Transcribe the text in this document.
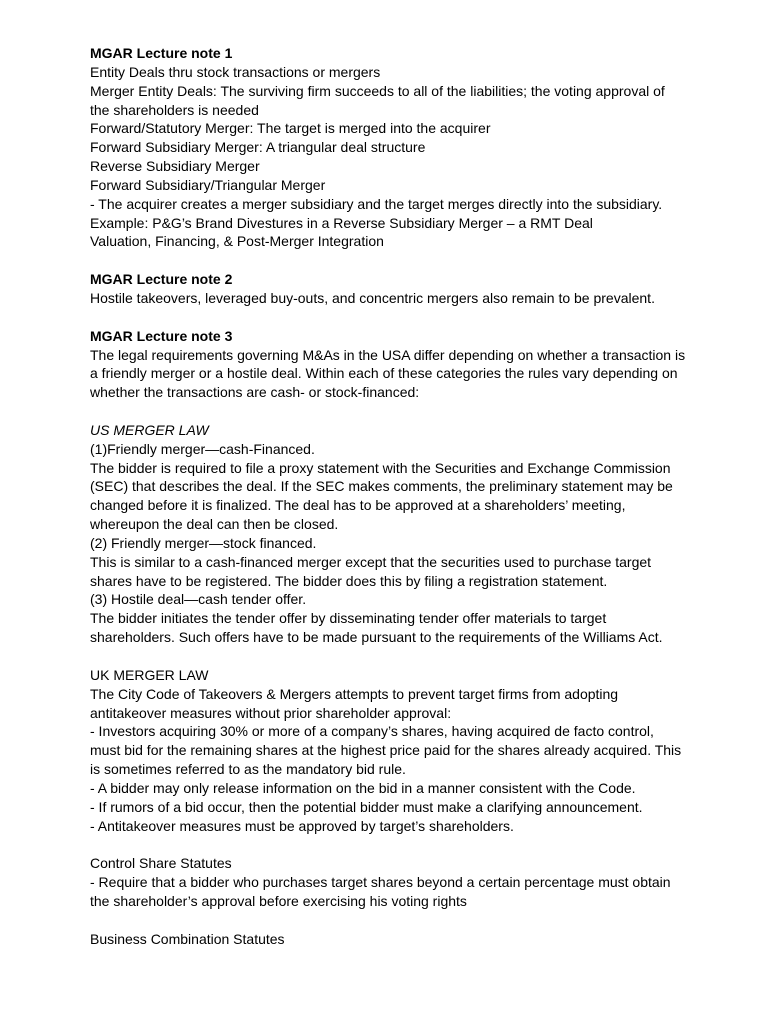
MGAR Lecture note 1
Entity Deals thru stock transactions or mergers
Merger Entity Deals: The surviving firm succeeds to all of the liabilities; the voting approval of
the shareholders is needed
Forward/Statutory Merger: The target is merged into the acquirer
Forward Subsidiary Merger: A triangular deal structure
Reverse Subsidiary Merger
Forward Subsidiary/Triangular Merger
- The acquirer creates a merger subsidiary and the target merges directly into the subsidiary.
Example: P&G’s Brand Divestures in a Reverse Subsidiary Merger – a RMT Deal
Valuation, Financing, & Post-Merger Integration
MGAR Lecture note 2
Hostile takeovers, leveraged buy-outs, and concentric mergers also remain to be prevalent.
MGAR Lecture note 3
The legal requirements governing M&As in the USA differ depending on whether a transaction is
a friendly merger or a hostile deal. Within each of these categories the rules vary depending on
whether the transactions are cash- or stock-financed:
US MERGER LAW
(1)Friendly merger—cash-Financed.
The bidder is required to file a proxy statement with the Securities and Exchange Commission
(SEC) that describes the deal. If the SEC makes comments, the preliminary statement may be
changed before it is finalized. The deal has to be approved at a shareholders’ meeting,
whereupon the deal can then be closed.
(2) Friendly merger—stock financed.
This is similar to a cash-financed merger except that the securities used to purchase target
shares have to be registered. The bidder does this by filing a registration statement.
(3) Hostile deal—cash tender offer.
The bidder initiates the tender offer by disseminating tender offer materials to target
shareholders. Such offers have to be made pursuant to the requirements of the Williams Act.
UK MERGER LAW
The City Code of Takeovers & Mergers attempts to prevent target firms from adopting
antitakeover measures without prior shareholder approval:
- Investors acquiring 30% or more of a company’s shares, having acquired de facto control,
must bid for the remaining shares at the highest price paid for the shares already acquired. This
is sometimes referred to as the mandatory bid rule.
- A bidder may only release information on the bid in a manner consistent with the Code.
- If rumors of a bid occur, then the potential bidder must make a clarifying announcement.
- Antitakeover measures must be approved by target’s shareholders.
Control Share Statutes
- Require that a bidder who purchases target shares beyond a certain percentage must obtain
the shareholder’s approval before exercising his voting rights
Business Combination Statutes
